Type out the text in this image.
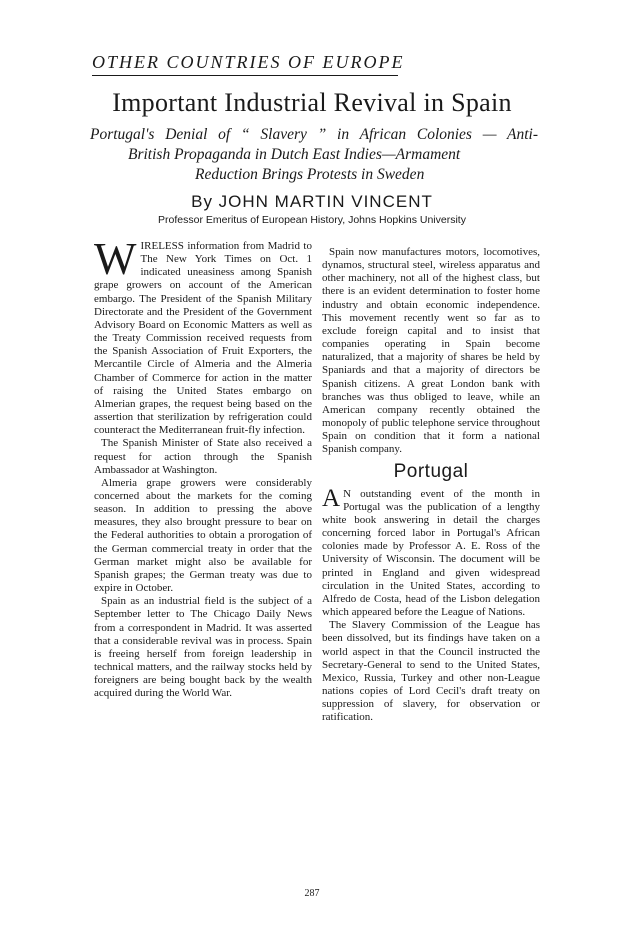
OTHER COUNTRIES OF EUROPE
Important Industrial Revival in Spain
Portugal's Denial of “ Slavery ” in African Colonies — Anti-
British Propaganda in Dutch East Indies—Armament
Reduction Brings Protests in Sweden

By JOHN MARTIN VINCENT

Professor Emeritus of European History, Johns Hopkins University

WIRELESS information from Madrid to The New York Times on Oct. 1 indicated uneasiness among Spanish grape growers on account of the American embargo. The President of the Spanish Military Directorate and the President of the Government Advisory Board on Economic Matters as well as the Treaty Commission received requests from the Spanish Association of Fruit Exporters, the Mercantile Circle of Almeria and the Almeria Chamber of Commerce for action in the matter of raising the United States embargo on Almerian grapes, the request being based on the assertion that sterilization by refrigeration could counteract the Mediterranean fruit-fly infection.

The Spanish Minister of State also received a request for action through the Spanish Ambassador at Washington.

Almeria grape growers were considerably concerned about the markets for the coming season. In addition to pressing the above measures, they also brought pressure to bear on the Federal authorities to obtain a prorogation of the German commercial treaty in order that the German market might also be available for Spanish grapes; the German treaty was due to expire in October.

Spain as an industrial field is the subject of a September letter to The Chicago Daily News from a correspondent in Madrid. It was asserted that a considerable revival was in process. Spain is freeing herself from foreign leadership in technical matters, and the railway stocks held by foreigners are being bought back by the wealth acquired during the World War.

Spain now manufactures motors, locomotives, dynamos, structural steel, wireless apparatus and other machinery, not all of the highest class, but there is an evident determination to foster home industry and obtain economic independence. This movement recently went so far as to exclude foreign capital and to insist that companies operating in Spain become naturalized, that a majority of shares be held by Spaniards and that a majority of directors be Spanish citizens. A great London bank with branches was thus obliged to leave, while an American company recently obtained the monopoly of public telephone service throughout Spain on condition that it form a national Spanish company.

Portugal

A N outstanding event of the month in Portugal was the publication of a lengthy white book answering in detail the charges concerning forced labor in Portugal's African colonies made by Professor A. E. Ross of the University of Wisconsin. The document will be printed in England and given widespread circulation in the United States, according to Alfredo de Costa, head of the Lisbon delegation which appeared before the League of Nations.

The Slavery Commission of the League has been dissolved, but its findings have taken on a world aspect in that the Council instructed the Secretary-General to send to the United States, Mexico, Russia, Turkey and other non-League nations copies of Lord Cecil's draft treaty on suppression of slavery, for observation or ratification.

287
